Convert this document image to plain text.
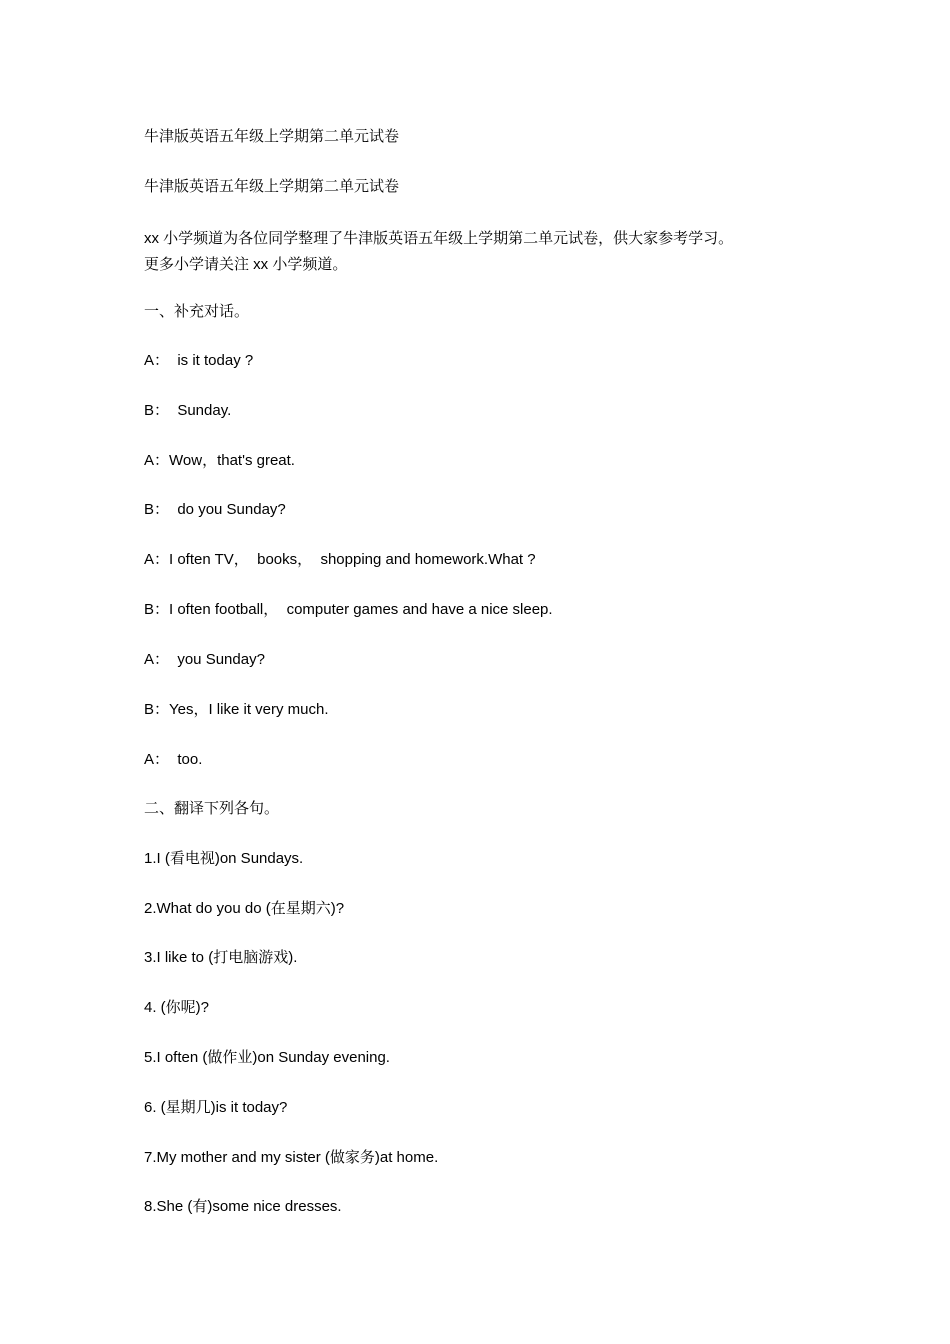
牛津版英语五年级上学期第二单元试卷
牛津版英语五年级上学期第二单元试卷
xx 小学频道为各位同学整理了牛津版英语五年级上学期第二单元试卷，供大家参考学习。
更多小学请关注 xx 小学频道。
一、补充对话。
A：  is it today ?
B：  Sunday.
A：Wow，that's great.
B：  do you Sunday?
A：I often TV，  books，  shopping and homework.What ?
B：I often football，  computer games and have a nice sleep.
A：  you Sunday?
B：Yes，I like it very much.
A：  too.
二、翻译下列各句。
1.I (看电视)on Sundays.
2.What do you do (在星期六)?
3.I like to (打电脑游戏).
4. (你呢)?
5.I often (做作业)on Sunday evening.
6. (星期几)is it today?
7.My mother and my sister (做家务)at home.
8.She (有)some nice dresses.
